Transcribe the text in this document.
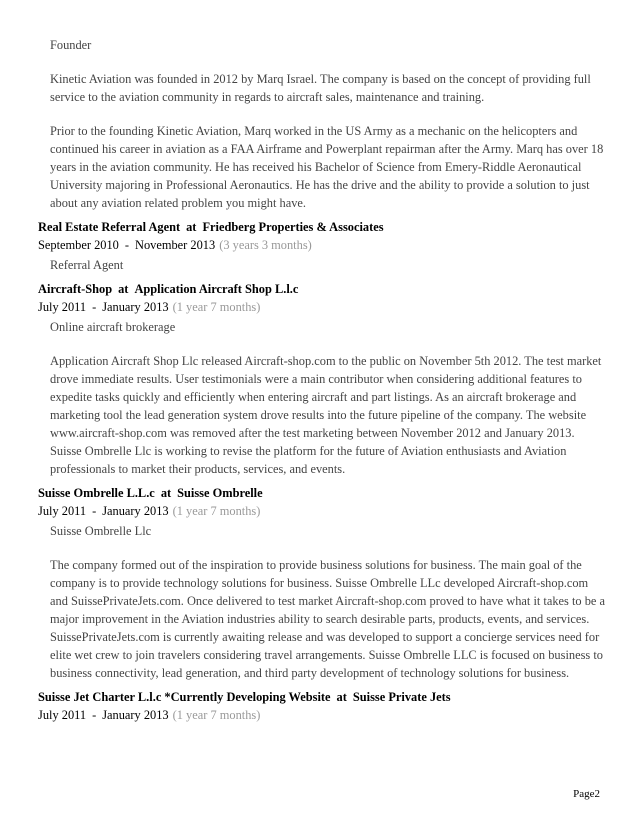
Founder

Kinetic Aviation was founded in 2012 by Marq Israel. The company is based on the concept of providing full service to the aviation community in regards to aircraft sales, maintenance and training.

Prior to the founding Kinetic Aviation, Marq worked in the US Army as a mechanic on the helicopters and continued his career in aviation as a FAA Airframe and Powerplant repairman after the Army. Marq has over 18 years in the aviation community. He has received his Bachelor of Science from Emery-Riddle Aeronautical University majoring in Professional Aeronautics. He has the drive and the ability to provide a solution to just about any aviation related problem you might have.

Real Estate Referral Agent at Friedberg Properties & Associates
September 2010 - November 2013 (3 years 3 months)
Referral Agent
Aircraft-Shop at Application Aircraft Shop L.l.c
July 2011 - January 2013 (1 year 7 months)
Online aircraft brokerage
Application Aircraft Shop Llc released Aircraft-shop.com to the public on November 5th 2012. The test market drove immediate results. User testimonials were a main contributor when considering additional features to expedite tasks quickly and efficiently when entering aircraft and part listings. As an aircraft brokerage and marketing tool the lead generation system drove results into the future pipeline of the company. The website www.aircraft-shop.com was removed after the test marketing between November 2012 and January 2013. Suisse Ombrelle Llc is working to revise the platform for the future of Aviation enthusiasts and Aviation professionals to market their products, services, and events.
Suisse Ombrelle L.L.c at Suisse Ombrelle
July 2011 - January 2013 (1 year 7 months)
Suisse Ombrelle Llc
The company formed out of the inspiration to provide business solutions for business. The main goal of the company is to provide technology solutions for business. Suisse Ombrelle LLc developed Aircraft-shop.com and SuissePrivateJets.com. Once delivered to test market Aircraft-shop.com proved to have what it takes to be a major improvement in the Aviation industries ability to search desirable parts, products, events, and services. SuissePrivateJets.com is currently awaiting release and was developed to support a concierge services need for elite wet crew to join travelers considering travel arrangements. Suisse Ombrelle LLC is focused on business to business connectivity, lead generation, and third party development of technology solutions for business.
Suisse Jet Charter L.l.c *Currently Developing Website at Suisse Private Jets
July 2011 - January 2013 (1 year 7 months)
Page2
